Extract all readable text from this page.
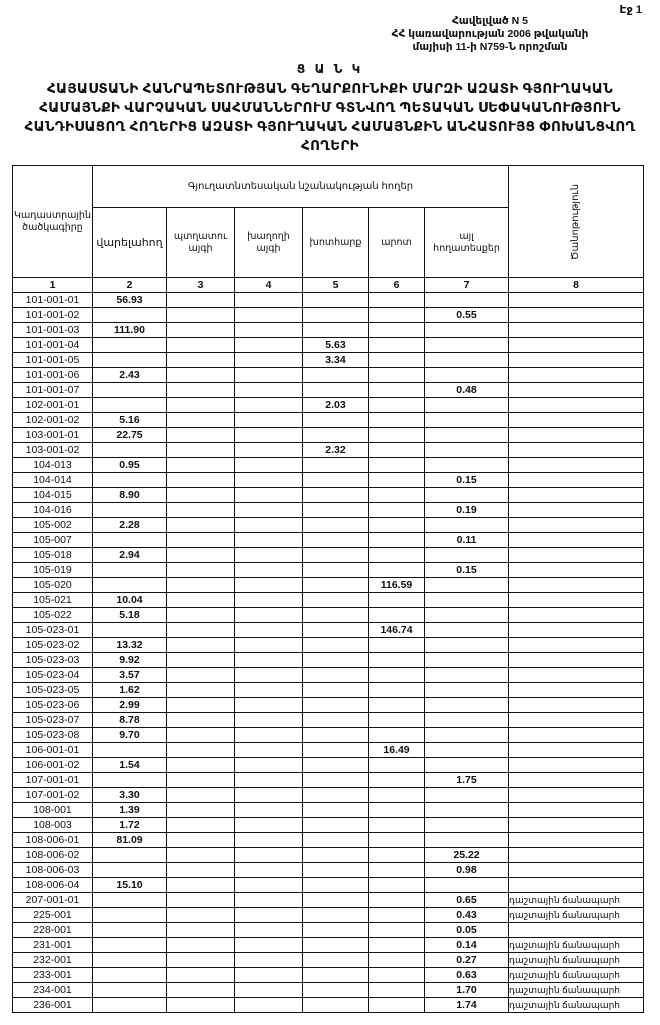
Էջ 1
Հավելված N 5
ՀՀ կառավարության 2006 թվականի
մայիսի 11-ի N759-Ն որոշման
Ց Ա Ն Կ
ՀԱՅԱՍՏԱՆԻ ՀԱՆՐԱՊԵՏՈՒԹՅԱՆ ԳԵՂԱՐՔՈՒՆԻՔԻ ՄԱՐԶԻ ԱԶԱՏԻ ԳՅՈՒՂԱԿԱՆ
ՀԱՄԱՅՆՔԻ ՎԱՐՉԱԿԱՆ ՍԱՀՄԱՆՆԵՐՈՒՄ ԳՏՆՎՈՂ ՊԵՏԱԿԱՆ ՍԵՓԱԿԱՆՈՒԹՅՈՒՆ
ՀԱՆԴԻՍԱՑՈՂ ՀՈՂԵՐԻՑ ԱԶԱՏԻ ԳՅՈՒՂԱԿԱՆ ՀԱՄԱՅՆՔԻՆ ԱՆՀԱՏՈՒՅՑ ՓՈԽԱՆՑՎՈՂ
ՀՈՂԵՐԻ
Կադաստրային ծածկագիրը	Գյուղատնտեսական նշանակության հողեր						Ծանոթություն

	վարելահող	պտղատու այգի	խաղողի այգի	խոտհարք	արոտ	այլ հողատեսքեր	
1	2	3	4	5	6	7	8
101-001-01	56.93						
101-001-02						0.55	
101-001-03	111.90						
101-001-04				5.63			
101-001-05				3.34			
101-001-06	2.43						
101-001-07						0.48	
102-001-01				2.03			
102-001-02	5.16						
103-001-01	22.75						
103-001-02				2.32			
104-013	0.95						
104-014						0.15	
104-015	8.90						
104-016						0.19	
105-002	2.28						
105-007						0.11	
105-018	2.94						
105-019						0.15	
105-020					116.59		
105-021	10.04						
105-022	5.18						
105-023-01					146.74		
105-023-02	13.32						
105-023-03	9.92						
105-023-04	3.57						
105-023-05	1.62						
105-023-06	2.99						
105-023-07	8.78						
105-023-08	9.70						
106-001-01					16.49		
106-001-02	1.54						
107-001-01						1.75	
107-001-02	3.30						
108-001	1.39						
108-003	1.72						
108-006-01	81.09						
108-006-02						25.22	
108-006-03						0.98	
108-006-04	15.10						
207-001-01						0.65	դաշտային ճանապարհ
225-001						0.43	դաշտային ճանապարհ
228-001						0.05	
231-001						0.14	դաշտային ճանապարհ
232-001						0.27	դաշտային ճանապարհ
233-001						0.63	դաշտային ճանապարհ
234-001						1.70	դաշտային ճանապարհ
236-001						1.74	դաշտային ճանապարհ
